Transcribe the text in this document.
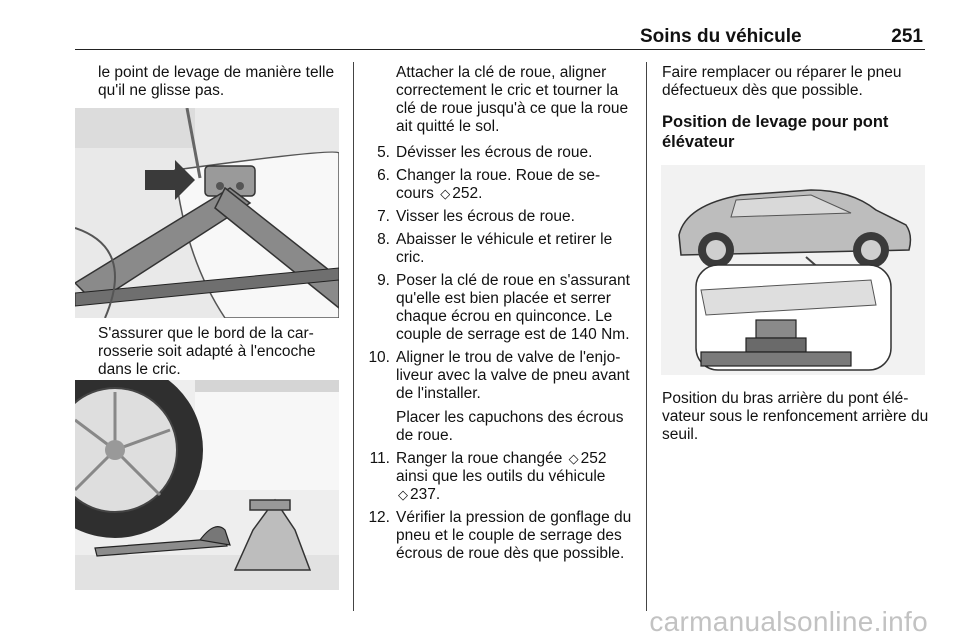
Soins du véhicule	251

le point de levage de manière telle qu'il ne glisse pas.

S'assurer que le bord de la car-rosserie soit adapté à l'encoche dans le cric.

Attacher la clé de roue, aligner correctement le cric et tourner la clé de roue jusqu'à ce que la roue ait quitté le sol.

5. Dévisser les écrous de roue.
6. Changer la roue. Roue de se-cours ◇ 252.
7. Visser les écrous de roue.
8. Abaisser le véhicule et retirer le cric.
9. Poser la clé de roue en s'assurant qu'elle est bien placée et serrer chaque écrou en quinconce. Le couple de serrage est de 140 Nm.
10. Aligner le trou de valve de l'enjo-liveur avec la valve de pneu avant de l'installer.
Placer les capuchons des écrous de roue.
11. Ranger la roue changée ◇ 252 ainsi que les outils du véhicule ◇ 237.
12. Vérifier la pression de gonflage du pneu et le couple de serrage des écrous de roue dès que possible.

Faire remplacer ou réparer le pneu défectueux dès que possible.

Position de levage pour pont élévateur

Position du bras arrière du pont élé-vateur sous le renfoncement arrière du seuil.

carmanualsonline.info
